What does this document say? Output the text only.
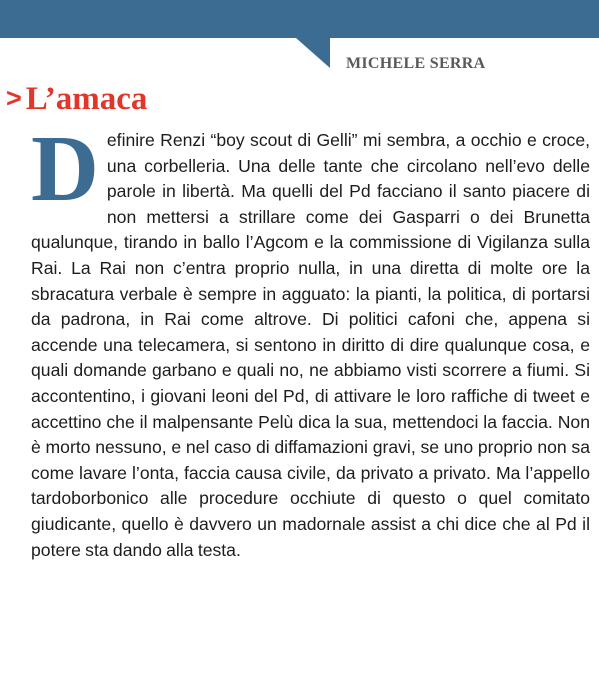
MICHELE SERRA
> L’amaca
Definire Renzi “boy scout di Gelli” mi sembra, a occhio e croce, una corbelleria. Una delle tante che circolano nell’evo delle parole in libertà. Ma quelli del Pd facciano il santo piacere di non mettersi a strillare come dei Gasparri o dei Brunetta qualunque, tirando in ballo l’Agcom e la commissione di Vigilanza sulla Rai. La Rai non c’entra proprio nulla, in una diretta di molte ore la sbracatura verbale è sempre in agguato: la pianti, la politica, di portarsi da padrona, in Rai come altrove. Di politici cafoni che, appena si accende una telecamera, si sentono in diritto di dire qualunque cosa, e quali domande garbano e quali no, ne abbiamo visti scorrere a fiumi. Si accontentino, i giovani leoni del Pd, di attivare le loro raffiche di tweet e accettino che il malpensante Pelù dica la sua, mettendoci la faccia. Non è morto nessuno, e nel caso di diffamazioni gravi, se uno proprio non sa come lavare l’onta, faccia causa civile, da privato a privato. Ma l’appello tardoborbonico alle procedure occhiute di questo o quel comitato giudicante, quello è davvero un madornale assist a chi dice che al Pd il potere sta dando alla testa.
